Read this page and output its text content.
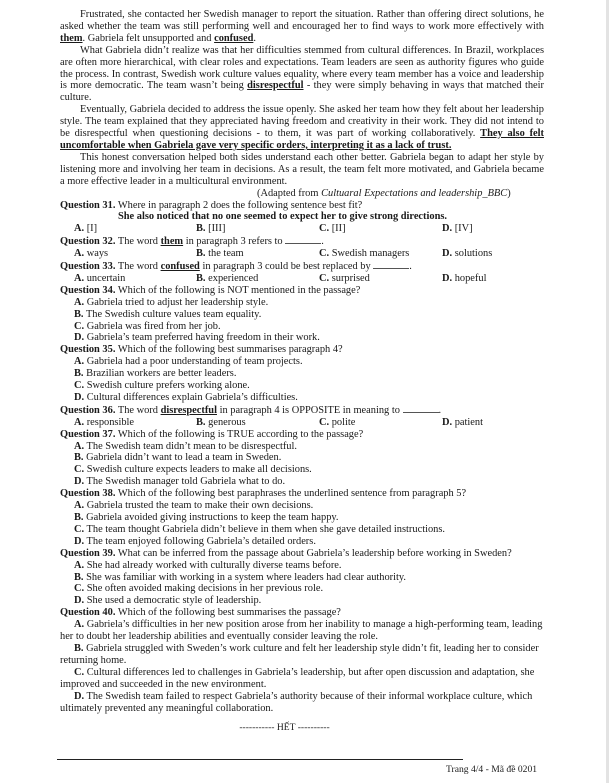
Frustrated, she contacted her Swedish manager to report the situation. Rather than offering direct solutions, he asked whether the team was still performing well and encouraged her to find ways to work more effectively with them. Gabriela felt unsupported and confused.

What Gabriela didn’t realize was that her difficulties stemmed from cultural differences. In Brazil, workplaces are often more hierarchical, with clear roles and expectations. Team leaders are seen as authority figures who guide the process. In contrast, Swedish work culture values equality, where every team member has a voice and leadership is more democratic. The team wasn’t being disrespectful - they were simply behaving in ways that matched their culture.

Eventually, Gabriela decided to address the issue openly. She asked her team how they felt about her leadership style. The team explained that they appreciated having freedom and creativity in their work. They did not intend to be disrespectful when questioning decisions - to them, it was part of working collaboratively. They also felt uncomfortable when Gabriela gave very specific orders, interpreting it as a lack of trust.

This honest conversation helped both sides understand each other better. Gabriela began to adapt her style by listening more and involving her team in decisions. As a result, the team felt more motivated, and Gabriela became a more effective leader in a multicultural environment.

(Adapted from Cultuaral Expectations and leadership_BBC)

Question 31. Where in paragraph 2 does the following sentence best fit?

She also noticed that no one seemed to expect her to give strong directions.

A. [I]	B. [III]	C. [II]	D. [IV]

Question 32. The word them in paragraph 3 refers to	.

A. ways	B. the team	C. Swedish managers	D. solutions

Question 33. The word confused in paragraph 3 could be best replaced by	.

A. uncertain	B. experienced	C. surprised	D. hopeful

Question 34. Which of the following is NOT mentioned in the passage?

A. Gabriela tried to adjust her leadership style.

B. The Swedish culture values team equality.

C. Gabriela was fired from her job.

D. Gabriela’s team preferred having freedom in their work.

Question 35. Which of the following best summarises paragraph 4?

A. Gabriela had a poor understanding of team projects.

B. Brazilian workers are better leaders.

C. Swedish culture prefers working alone.

D. Cultural differences explain Gabriela’s difficulties.

Question 36. The word disrespectful in paragraph 4 is OPPOSITE in meaning to	.

A. responsible	B. generous	C. polite	D. patient

Question 37. Which of the following is TRUE according to the passage?

A. The Swedish team didn’t mean to be disrespectful.

B. Gabriela didn’t want to lead a team in Sweden.

C. Swedish culture expects leaders to make all decisions.

D. The Swedish manager told Gabriela what to do.

Question 38. Which of the following best paraphrases the underlined sentence from paragraph 5?

A. Gabriela trusted the team to make their own decisions.

B. Gabriela avoided giving instructions to keep the team happy.

C. The team thought Gabriela didn’t believe in them when she gave detailed instructions.

D. The team enjoyed following Gabriela’s detailed orders.

Question 39. What can be inferred from the passage about Gabriela’s leadership before working in Sweden?

A. She had already worked with culturally diverse teams before.

B. She was familiar with working in a system where leaders had clear authority.

C. She often avoided making decisions in her previous role.

D. She used a democratic style of leadership.

Question 40. Which of the following best summarises the passage?

A. Gabriela’s difficulties in her new position arose from her inability to manage a high-performing team, leading her to doubt her leadership abilities and eventually consider leaving the role.

B. Gabriela struggled with Sweden’s work culture and felt her leadership style didn’t fit, leading her to consider returning home.

C. Cultural differences led to challenges in Gabriela’s leadership, but after open discussion and adaptation, she improved and succeeded in the new environment.

D. The Swedish team failed to respect Gabriela’s authority because of their informal workplace culture, which ultimately prevented any meaningful collaboration.

----------- HẾT ----------
Trang 4/4 - Mã đề 0201
